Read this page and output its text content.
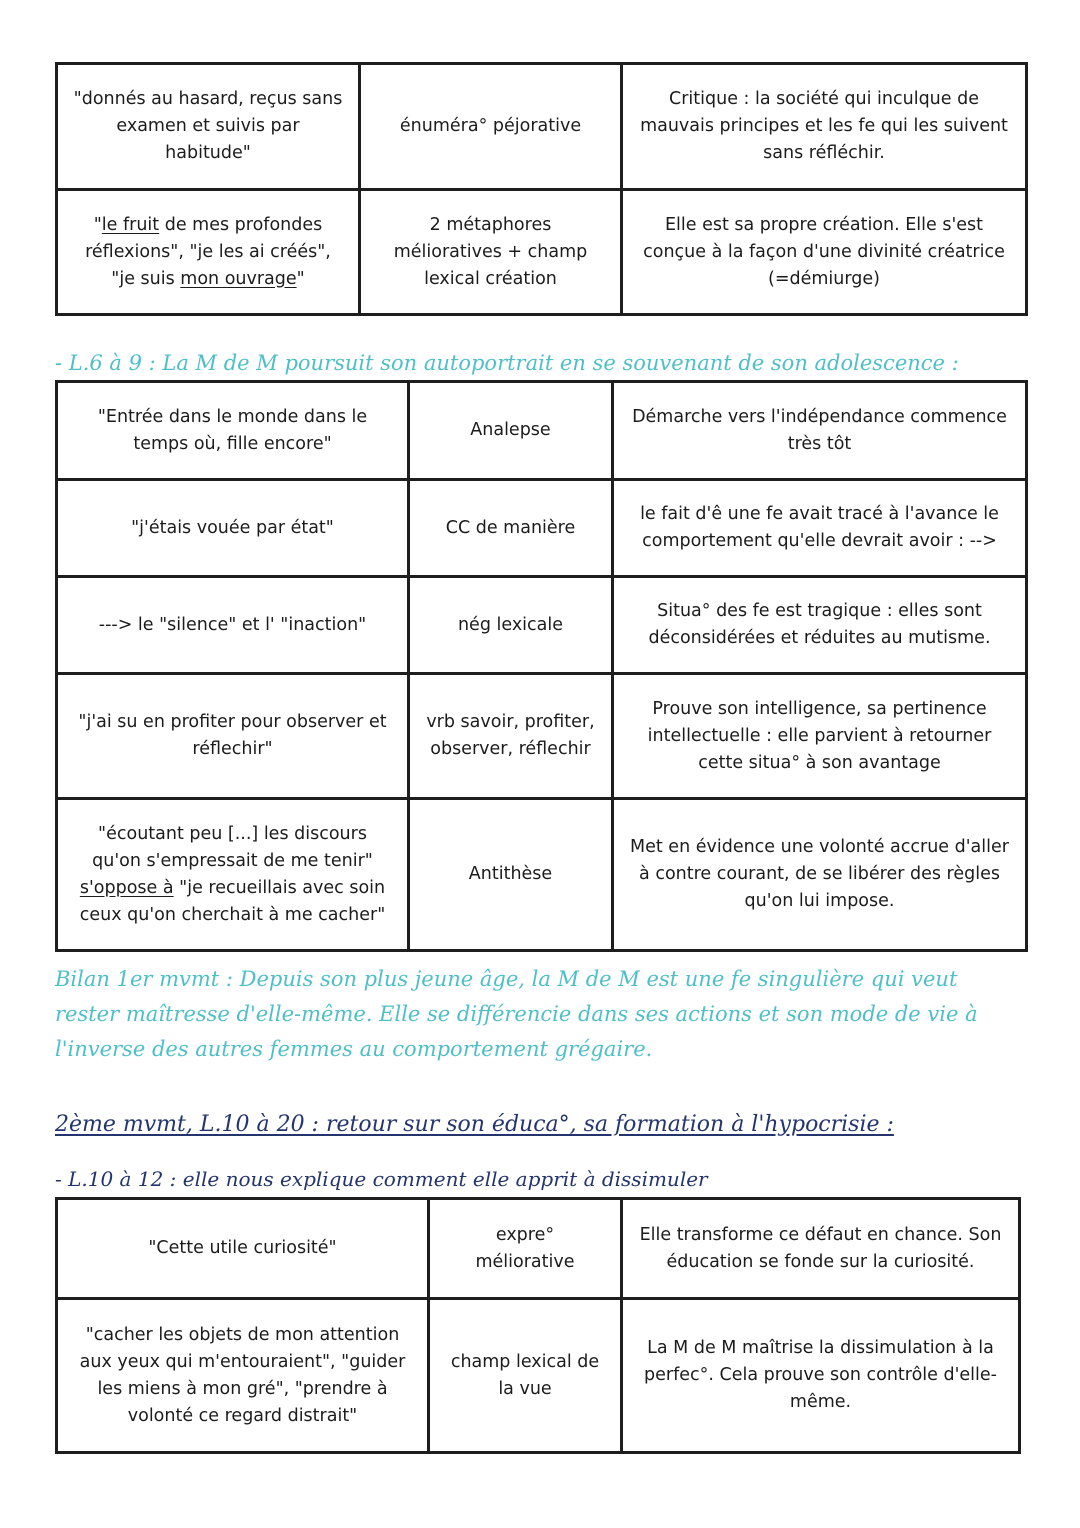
"donnés au hasard, reçus sans examen et suivis par habitude"	énuméra° péjorative	Critique : la société qui inculque de mauvais principes et les fe qui les suivent sans réfléchir.
"le fruit de mes profondes réflexions", "je les ai créés", "je suis mon ouvrage"	2 métaphores mélioratives + champ lexical création	Elle est sa propre création. Elle s'est conçue à la façon d'une divinité créatrice (=démiurge)

- L.6 à 9 : La M de M poursuit son autoportrait en se souvenant de son adolescence :

"Entrée dans le monde dans le temps où, fille encore"	Analepse	Démarche vers l'indépendance commence très tôt
"j'étais vouée par état"	CC de manière	le fait d'ê une fe avait tracé à l'avance le comportement qu'elle devrait avoir : -->
---> le "silence" et l' "inaction"	nég lexicale	Situa° des fe est tragique : elles sont déconsidérées et réduites au mutisme.
"j'ai su en profiter pour observer et réflechir"	vrb savoir, profiter, observer, réflechir	Prouve son intelligence, sa pertinence intellectuelle : elle parvient à retourner cette situa° à son avantage
"écoutant peu [...] les discours qu'on s'empressait de me tenir" s'oppose à "je recueillais avec soin ceux qu'on cherchait à me cacher"	Antithèse	Met en évidence une volonté accrue d'aller à contre courant, de se libérer des règles qu'on lui impose.

Bilan 1er mvmt : Depuis son plus jeune âge, la M de M est une fe singulière qui veut rester maîtresse d'elle-même. Elle se différencie dans ses actions et son mode de vie à l'inverse des autres femmes au comportement grégaire.

2ème mvmt, L.10 à 20 : retour sur son éduca°, sa formation à l'hypocrisie :

- L.10 à 12 : elle nous explique comment elle apprit à dissimuler

"Cette utile curiosité"	expre° méliorative	Elle transforme ce défaut en chance. Son éducation se fonde sur la curiosité.
"cacher les objets de mon attention aux yeux qui m'entouraient", "guider les miens à mon gré", "prendre à volonté ce regard distrait"	champ lexical de la vue	La M de M maîtrise la dissimulation à la perfec°. Cela prouve son contrôle d'elle-même.
